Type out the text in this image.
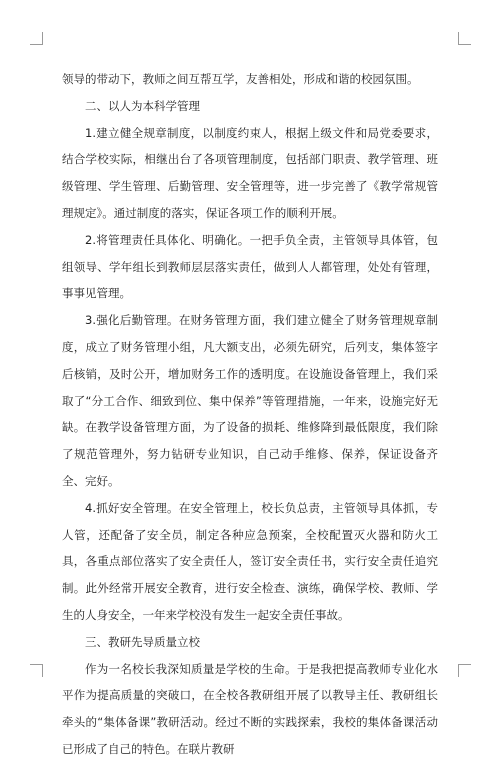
领导的带动下，教师之间互帮互学，友善相处，形成和谐的校园氛围。

二、以人为本科学管理

1.建立健全规章制度，以制度约束人，根据上级文件和局党委要求，结合学校实际，相继出台了各项管理制度，包括部门职责、教学管理、班级管理、学生管理、后勤管理、安全管理等，进一步完善了《教学常规管理规定》。通过制度的落实，保证各项工作的顺利开展。

2.将管理责任具体化、明确化。一把手负全责，主管领导具体管，包组领导、学年组长到教师层层落实责任，做到人人都管理，处处有管理，事事见管理。

3.强化后勤管理。在财务管理方面，我们建立健全了财务管理规章制度，成立了财务管理小组，凡大额支出，必须先研究，后列支，集体签字后核销，及时公开，增加财务工作的透明度。在设施设备管理上，我们采取了“分工合作、细致到位、集中保养”等管理措施，一年来，设施完好无缺。在教学设备管理方面，为了设备的损耗、维修降到最低限度，我们除了规范管理外，努力钻研专业知识，自己动手维修、保养，保证设备齐全、完好。

4.抓好安全管理。在安全管理上，校长负总责，主管领导具体抓，专人管，还配备了安全员，制定各种应急预案，全校配置灭火器和防火工具，各重点部位落实了安全责任人，签订安全责任书，实行安全责任追究制。此外经常开展安全教育，进行安全检查、演练，确保学校、教师、学生的人身安全，一年来学校没有发生一起安全责任事故。

三、教研先导质量立校

作为一名校长我深知质量是学校的生命。于是我把提高教师专业化水平作为提高质量的突破口，在全校各教研组开展了以教导主任、教研组长牵头的“集体备课”教研活动。经过不断的实践探索，我校的集体备课活动已形成了自己的特色。在联片教研
